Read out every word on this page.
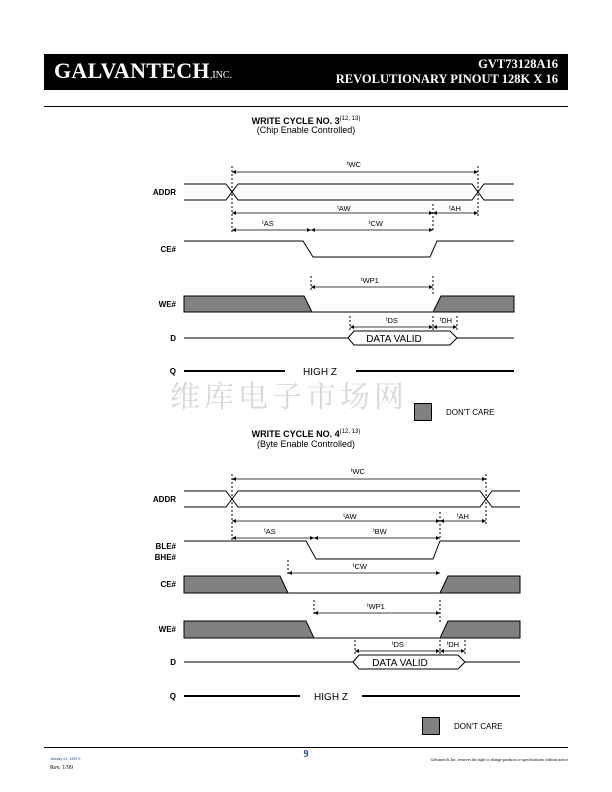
GALVANTECH,INC.
GVT73128A16
REVOLUTIONARY PINOUT 128K X 16
WRITE CYCLE NO. 3$^{(12, 13)}$
(Chip Enable Controlled)
ADDR
CE#
WE#
D
Q
$^t$WC
$^t$AW	$^t$AH
$^t$AS	$^t$CW
$^t$WP1
$^t$DS	$^t$DH
DATA VALID
HIGH Z
维库电子市场网	DON'T CARE
WRITE CYCLE NO. 4$^{(12, 13)}$
(Byte Enable Controlled)
ADDR
BLE#
BHE#
CE#
WE#
D
Q
$^t$WC
$^t$AW	$^t$AH
$^t$AS	$^t$BW
$^t$CW
$^t$WP1
$^t$DS	$^t$DH
DATA VALID
HIGH Z
DON'T CARE
January 21, 1999 ©
Rev. 1/99
9	Galvantech, Inc. reserves the right to change products or specifications without notice
